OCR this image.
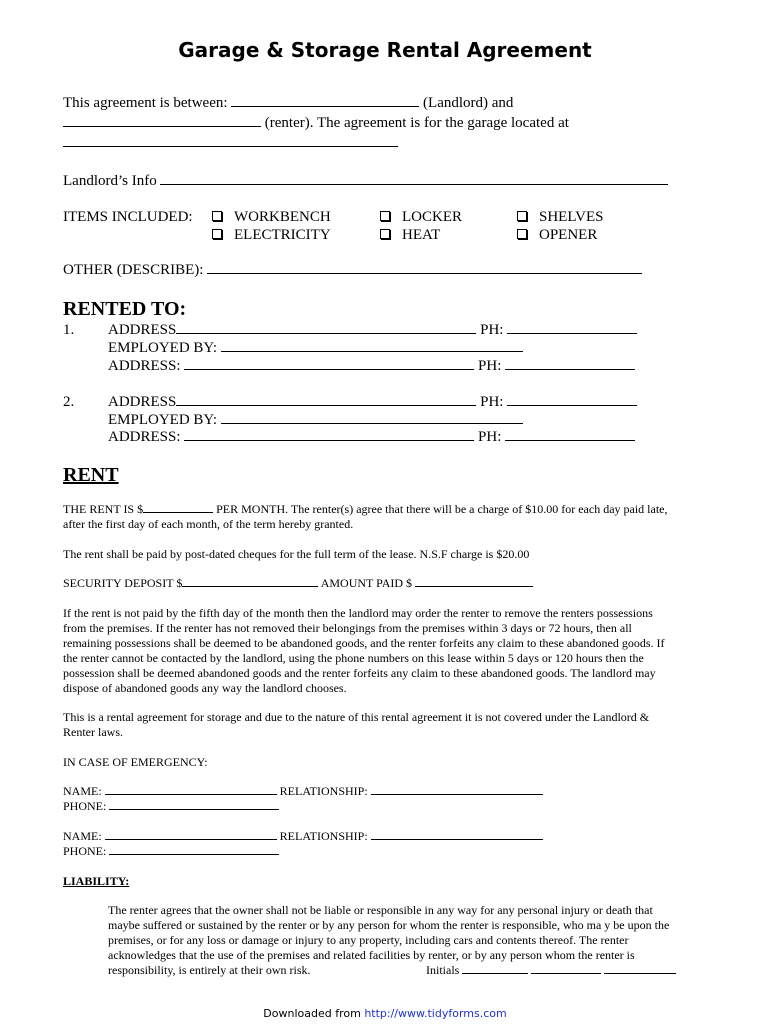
Garage & Storage Rental Agreement
This agreement is between:	(Landlord) and
(renter). The agreement is for the garage located at
Landlord’s Info
ITEMS INCLUDED:	WORKBENCH	LOCKER	SHELVES
ELECTRICITY	HEAT	OPENER
OTHER (DESCRIBE):
RENTED TO:
1. ADDRESS	PH:
EMPLOYED BY:
ADDRESS:	PH:
2. ADDRESS	PH:
EMPLOYED BY:
ADDRESS:	PH:
RENT
THE RENT IS $	PER MONTH. The renter(s) agree that there will be a charge of $10.00 for each day paid late,
after the first day of each month, of the term hereby granted.
The rent shall be paid by post-dated cheques for the full term of the lease. N.S.F charge is $20.00
SECURITY DEPOSIT $	AMOUNT PAID $
If the rent is not paid by the fifth day of the month then the landlord may order the renter to remove the renters possessions
from the premises. If the renter has not removed their belongings from the premises within 3 days or 72 hours, then all
remaining possessions shall be deemed to be abandoned goods, and the renter forfeits any claim to these abandoned goods. If
the renter cannot be contacted by the landlord, using the phone numbers on this lease within 5 days or 120 hours then the
possession shall be deemed abandoned goods and the renter forfeits any claim to these abandoned goods. The landlord may
dispose of abandoned goods any way the landlord chooses.
This is a rental agreement for storage and due to the nature of this rental agreement it is not covered under the Landlord &
Renter laws.
IN CASE OF EMERGENCY:
NAME:	RELATIONSHIP:
PHONE:
NAME:	RELATIONSHIP:
PHONE:
LIABILITY:
The renter agrees that the owner shall not be liable or responsible in any way for any personal injury or death that
maybe suffered or sustained by the renter or by any person for whom the renter is responsible, who ma y be upon the
premises, or for any loss or damage or injury to any property, including cars and contents thereof. The renter
acknowledges that the use of the premises and related facilities by renter, or by any person whom the renter is
responsibility, is entirely at their own risk.	Initials
Downloaded from http://www.tidyforms.com
